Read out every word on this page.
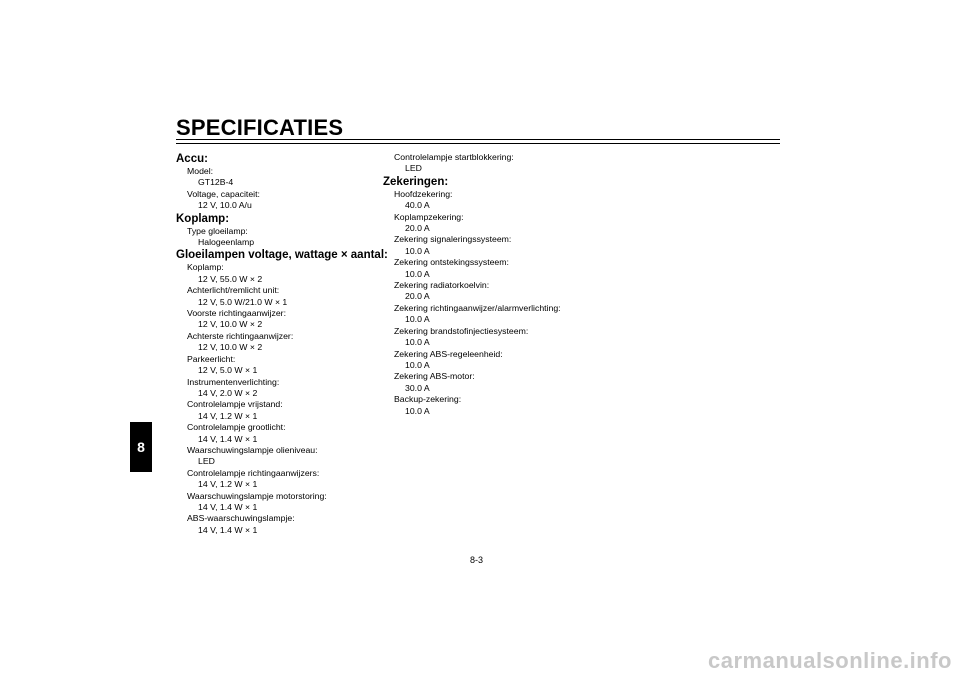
SPECIFICATIES
8
Accu:
Model:
GT12B-4
Voltage, capaciteit:
12 V, 10.0 A/u
Koplamp:
Type gloeilamp:
Halogeenlamp
Gloeilampen voltage, wattage × aantal:
Koplamp:
12 V, 55.0 W × 2
Achterlicht/remlicht unit:
12 V, 5.0 W/21.0 W × 1
Voorste richtingaanwijzer:
12 V, 10.0 W × 2
Achterste richtingaanwijzer:
12 V, 10.0 W × 2
Parkeerlicht:
12 V, 5.0 W × 1
Instrumentenverlichting:
14 V, 2.0 W × 2
Controlelampje vrijstand:
14 V, 1.2 W × 1
Controlelampje grootlicht:
14 V, 1.4 W × 1
Waarschuwingslampje olieniveau:
LED
Controlelampje richtingaanwijzers:
14 V, 1.2 W × 1
Waarschuwingslampje motorstoring:
14 V, 1.4 W × 1
ABS-waarschuwingslampje:
14 V, 1.4 W × 1
Controlelampje startblokkering:
LED
Zekeringen:
Hoofdzekering:
40.0 A
Koplampzekering:
20.0 A
Zekering signaleringssysteem:
10.0 A
Zekering ontstekingssysteem:
10.0 A
Zekering radiatorkoelvin:
20.0 A
Zekering richtingaanwijzer/alarmverlichting:
10.0 A
Zekering brandstofinjectiesysteem:
10.0 A
Zekering ABS-regeleenheid:
10.0 A
Zekering ABS-motor:
30.0 A
Backup-zekering:
10.0 A
8-3
carmanualsonline.info
